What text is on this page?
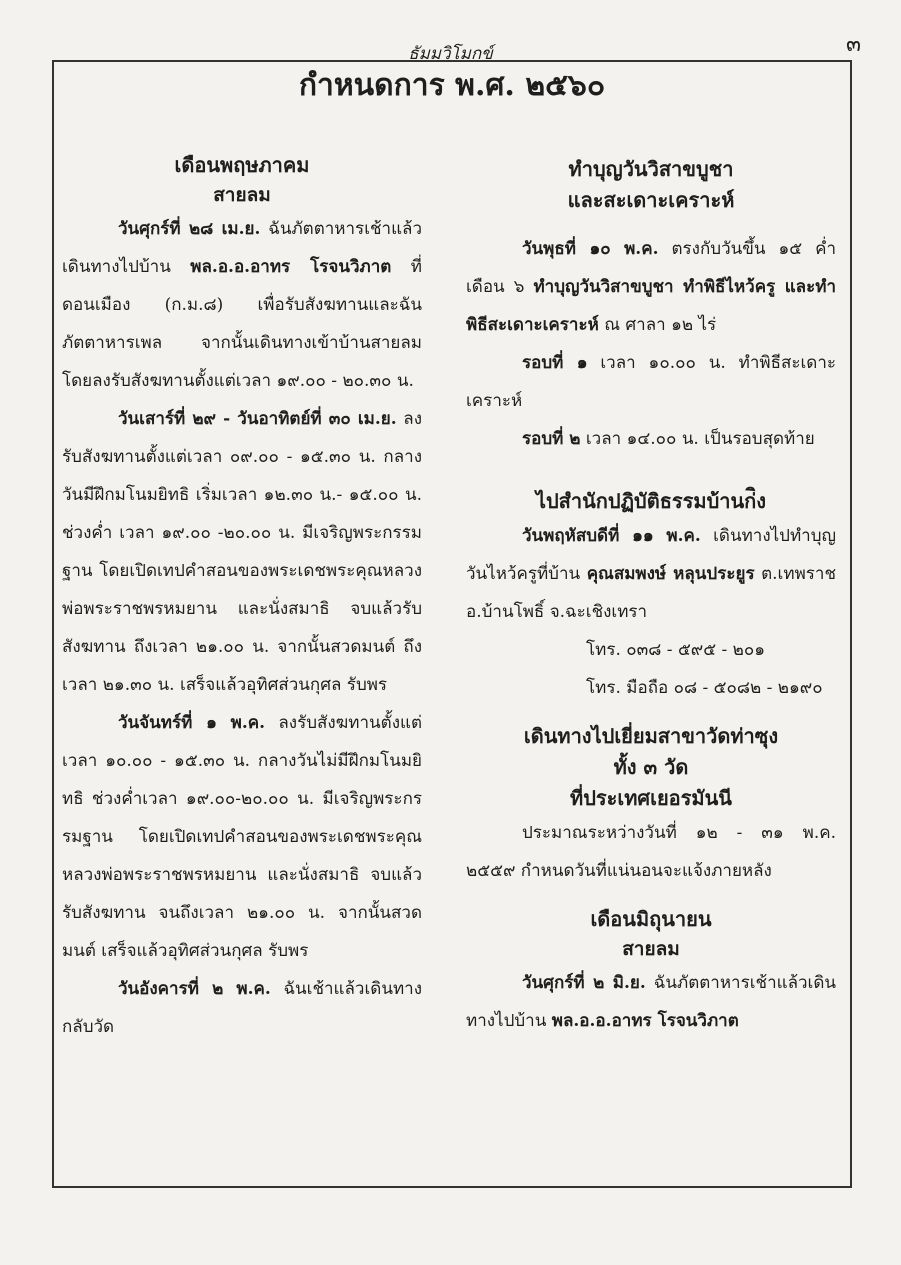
๓
ธัมมวิโมกข์
กำหนดการ พ.ศ. ๒๕๖๐
เดือนพฤษภาคม
สายลม

วันศุกร์ที่ ๒๘ เม.ย. ฉันภัตตาหารเช้าแล้วเดินทางไปบ้าน พล.อ.อ.อาทร โรจนวิภาต ที่ดอนเมือง (ก.ม.๘) เพื่อรับสังฆทานและฉันภัตตาหารเพล จากนั้นเดินทางเข้าบ้านสายลม โดยลงรับสังฆทานตั้งแต่เวลา ๑๙.๐๐ - ๒๐.๓๐ น.

วันเสาร์ที่ ๒๙ - วันอาทิตย์ที่ ๓๐ เม.ย. ลงรับสังฆทานตั้งแต่เวลา ๐๙.๐๐ - ๑๕.๓๐ น. กลางวันมีฝึกมโนมยิทธิ เริ่มเวลา ๑๒.๓๐ น.- ๑๕.๐๐ น. ช่วงค่ำ เวลา ๑๙.๐๐ -๒๐.๐๐ น. มีเจริญพระกรรมฐาน โดยเปิดเทปคำสอนของพระเดชพระคุณหลวงพ่อพระราชพรหมยาน และนั่งสมาธิ จบแล้วรับสังฆทาน ถึงเวลา ๒๑.๐๐ น. จากนั้นสวดมนต์ ถึงเวลา ๒๑.๓๐ น. เสร็จแล้วอุทิศส่วนกุศล รับพร

วันจันทร์ที่ ๑ พ.ค. ลงรับสังฆทานตั้งแต่เวลา ๑๐.๐๐ - ๑๕.๓๐ น. กลางวันไม่มีฝึกมโนมยิทธิ ช่วงค่ำเวลา ๑๙.๐๐-๒๐.๐๐ น. มีเจริญพระกรรมฐาน โดยเปิดเทปคำสอนของพระเดชพระคุณหลวงพ่อพระราชพรหมยาน และนั่งสมาธิ จบแล้วรับสังฆทาน จนถึงเวลา ๒๑.๐๐ น. จากนั้นสวดมนต์ เสร็จแล้วอุทิศส่วนกุศล รับพร

วันอังคารที่ ๒ พ.ค. ฉันเช้าแล้วเดินทางกลับวัด

ทำบุญวันวิสาขบูชา
และสะเดาะเคราะห์

วันพุธที่ ๑๐ พ.ค. ตรงกับวันขึ้น ๑๕ ค่ำ เดือน ๖ ทำบุญวันวิสาขบูชา ทำพิธีไหว้ครู และทำพิธีสะเดาะเคราะห์ ณ ศาลา ๑๒ ไร่

รอบที่ ๑ เวลา ๑๐.๐๐ น. ทำพิธีสะเดาะเคราะห์

รอบที่ ๒ เวลา ๑๔.๐๐ น. เป็นรอบสุดท้าย

ไปสำนักปฏิบัติธรรมบ้านก่ิง

วันพฤหัสบดีที่ ๑๑ พ.ค. เดินทางไปทำบุญวันไหว้ครูที่บ้าน คุณสมพงษ์ หลุนประยูร ต.เทพราช อ.บ้านโพธิ์ จ.ฉะเชิงเทรา

โทร. ๐๓๘ - ๕๙๕ - ๒๐๑
โทร. มือถือ ๐๘ - ๕๐๘๒ - ๒๑๙๐
เดินทางไปเยี่ยมสาขาวัดท่าซุง
ทั้ง ๓ วัด
ที่ประเทศเยอรมันนี

ประมาณระหว่างวันที่ ๑๒ - ๓๑ พ.ค. ๒๕๕๙ กำหนดวันที่แน่นอนจะแจ้งภายหลัง

เดือนมิถุนายน
สายลม

วันศุกร์ที่ ๒ มิ.ย. ฉันภัตตาหารเช้าแล้วเดินทางไปบ้าน พล.อ.อ.อาทร โรจนวิภาต
